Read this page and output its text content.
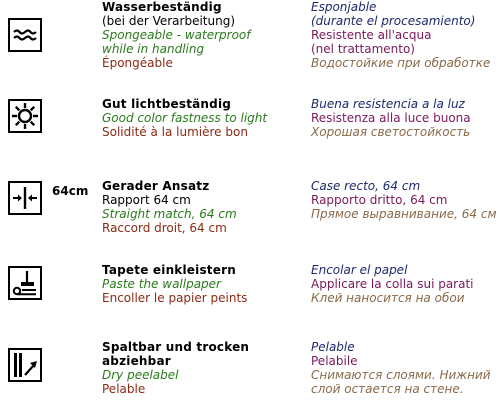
Wasserbeständig
(bei der Verarbeitung)
Spongeable - waterproof
while in handling
Épongéable
Esponjable
(durante el procesamiento)
Resistente all'acqua
(nel trattamento)
Водостойкие при обработке
Gut lichtbeständig
Good color fastness to light
Solidité à la lumière bon
Buena resistencia a la luz
Resistenza alla luce buona
Хорошая светостойкость
64cm Gerader Ansatz
Rapport 64 cm
Straight match, 64 cm
Raccord droit, 64 cm
Case recto, 64 cm
Rapporto dritto, 64 cm
Прямое выравнивание, 64 см
Tapete einkleistern
Paste the wallpaper
Encoller le papier peints
Encolar el papel
Applicare la colla sui parati
Клей наносится на обои
Spaltbar und trocken
abziehbar
Dry peelabel
Pelable
Pelable
Pelabile
Снимаются слоями. Нижний
слой остается на стене.
